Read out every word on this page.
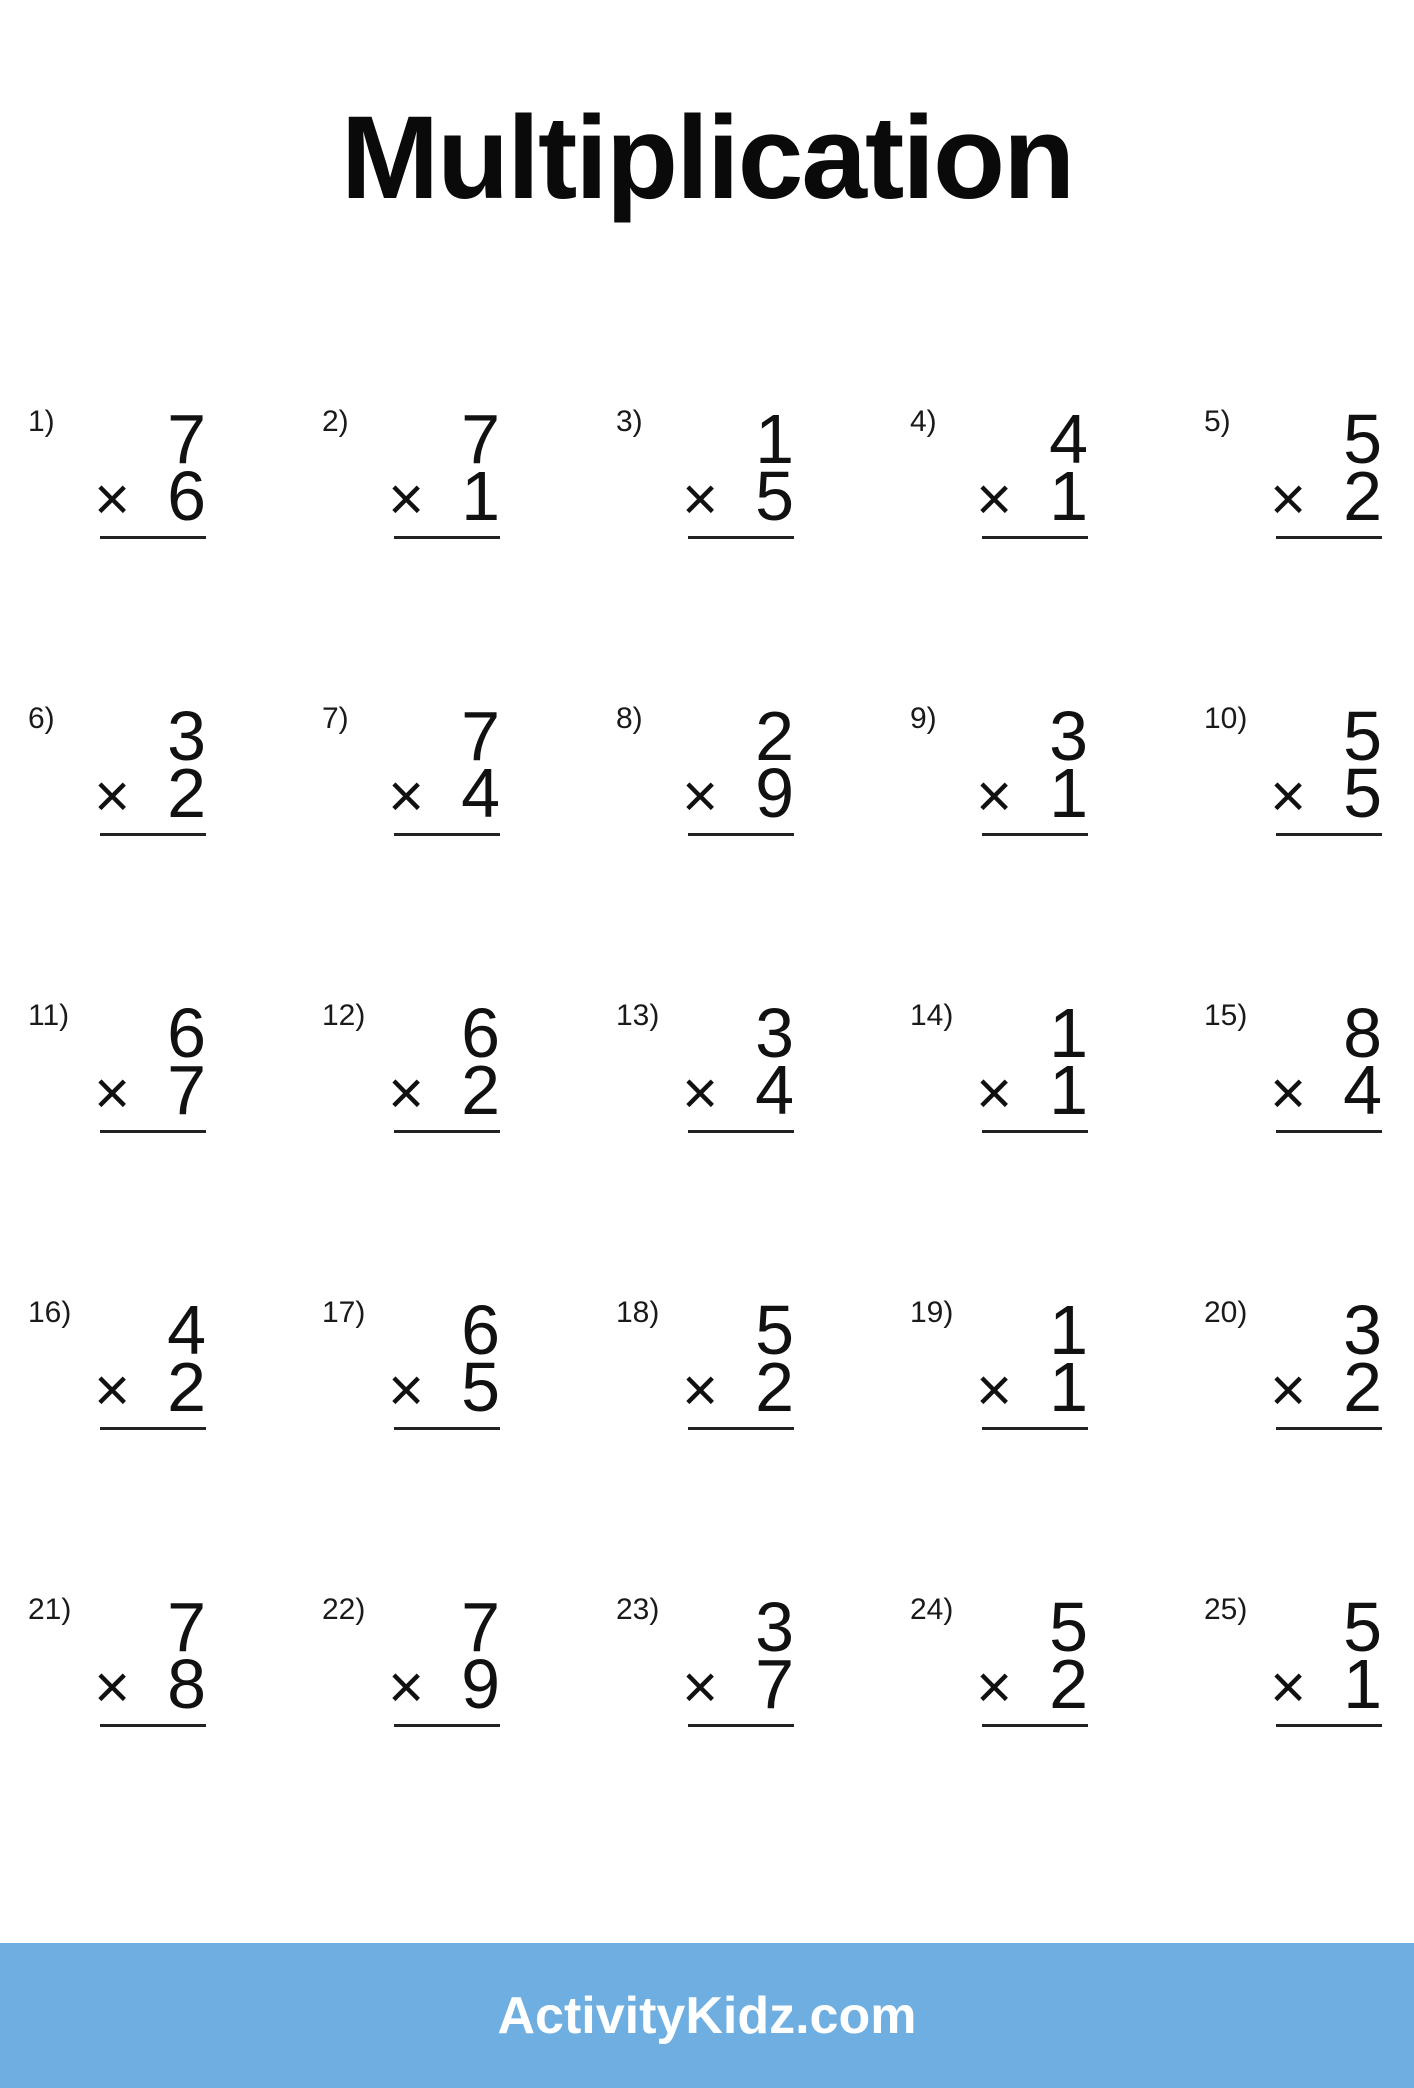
Multiplication
1)	7
× 6
2)	7
× 1
3)	1
× 5
4)	4
× 1
5)	5
× 2
6)	3
× 2
7)	7
× 4
8)	2
× 9
9)	3
× 1
10)	5
× 5
11)	6
× 7
12)	6
× 2
13)	3
× 4
14)	1
× 1
15)	8
× 4
16)	4
× 2
17)	6
× 5
18)	5
× 2
19)	1
× 1
20)	3
× 2
21)	7
× 8
22)	7
× 9
23)	3
× 7
24)	5
× 2
25)	5
× 1
ActivityKidz.com
